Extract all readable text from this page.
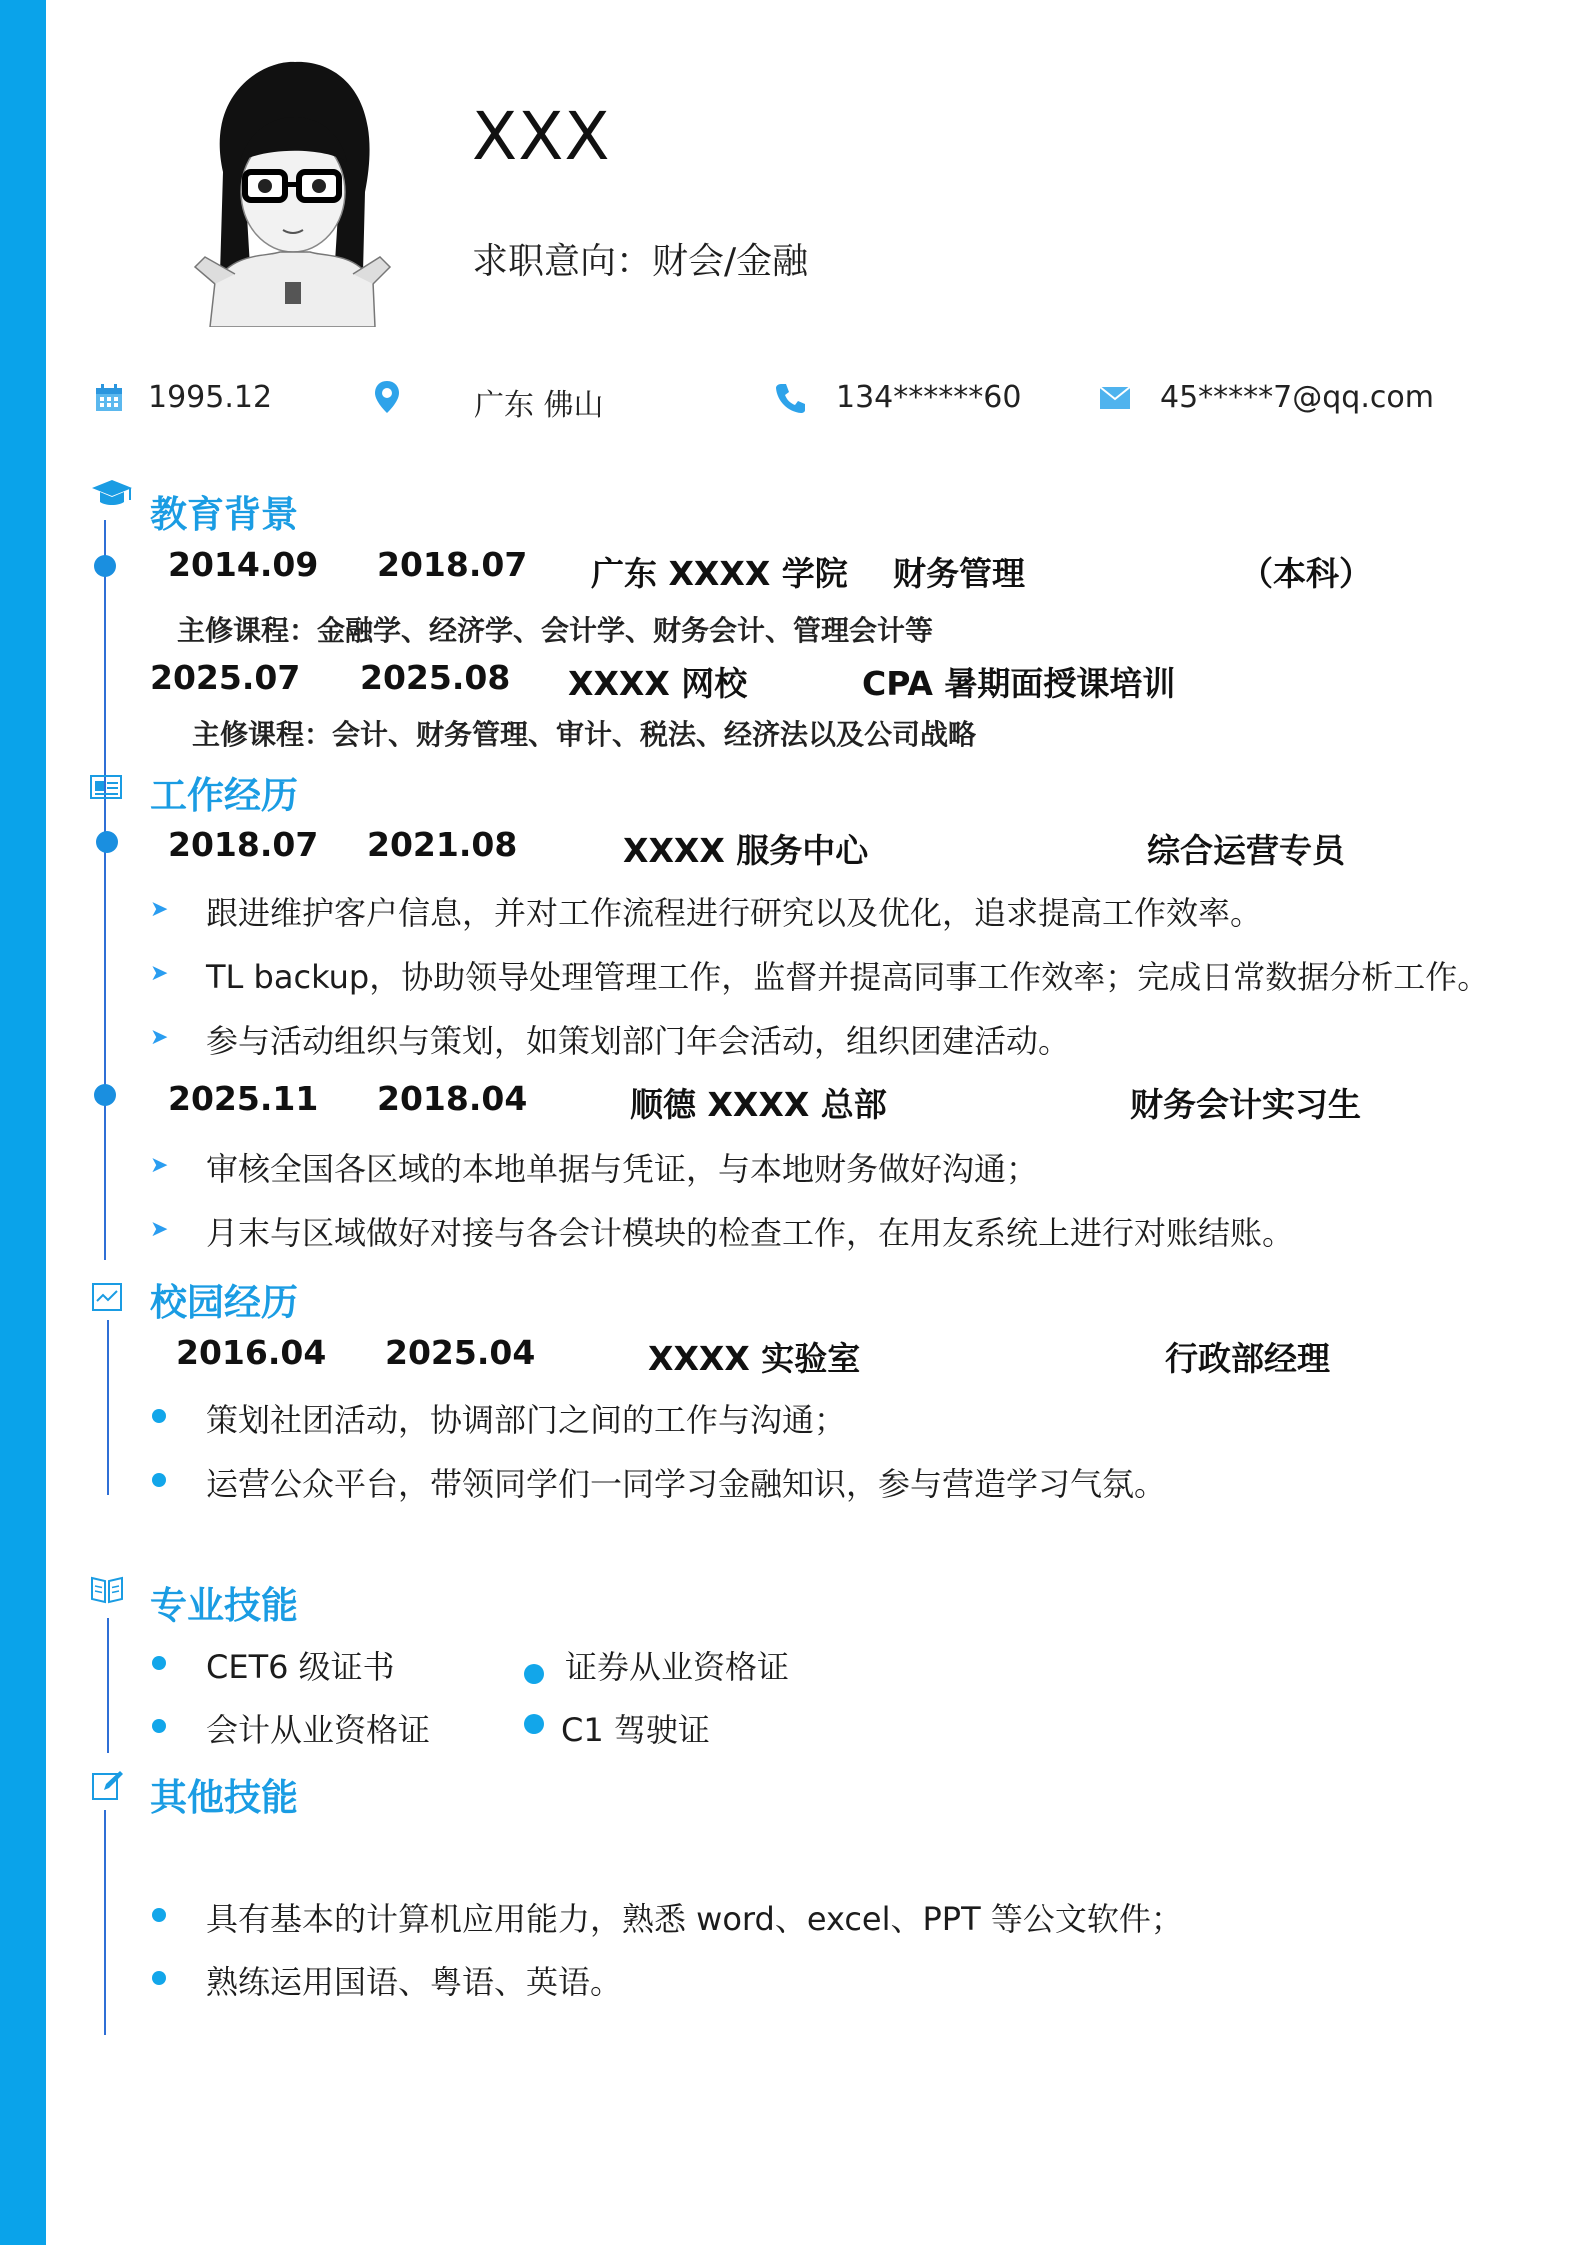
XXX
求职意向：财会/金融
1995.12	广东 佛山	134******60	45*****7@qq.com
教育背景
2014.09 2018.07 广东 XXXX 学院 财务管理	（本科）
主修课程：金融学、经济学、会计学、财务会计、管理会计等
2025.07 2025.08 XXXX 网校	CPA 暑期面授课培训
主修课程：会计、财务管理、审计、税法、经济法以及公司战略
工作经历
2018.07 2021.08	XXXX 服务中心	综合运营专员
➤ 跟进维护客户信息，并对工作流程进行研究以及优化，追求提高工作效率。
➤ TL backup，协助领导处理管理工作，监督并提高同事工作效率；完成日常数据分析工作。
➤ 参与活动组织与策划，如策划部门年会活动，组织团建活动。
2025.11 2018.04	顺德 XXXX 总部	财务会计实习生
➤ 审核全国各区域的本地单据与凭证，与本地财务做好沟通；
➤ 月末与区域做好对接与各会计模块的检查工作，在用友系统上进行对账结账。
校园经历
2016.04 2025.04	XXXX 实验室	行政部经理
策划社团活动，协调部门之间的工作与沟通；
运营公众平台，带领同学们一同学习金融知识，参与营造学习气氛。
专业技能
CET6 级证书	证券从业资格证
会计从业资格证	C1 驾驶证
其他技能
具有基本的计算机应用能力，熟悉 word、excel、PPT 等公文软件；
熟练运用国语、粤语、英语。
